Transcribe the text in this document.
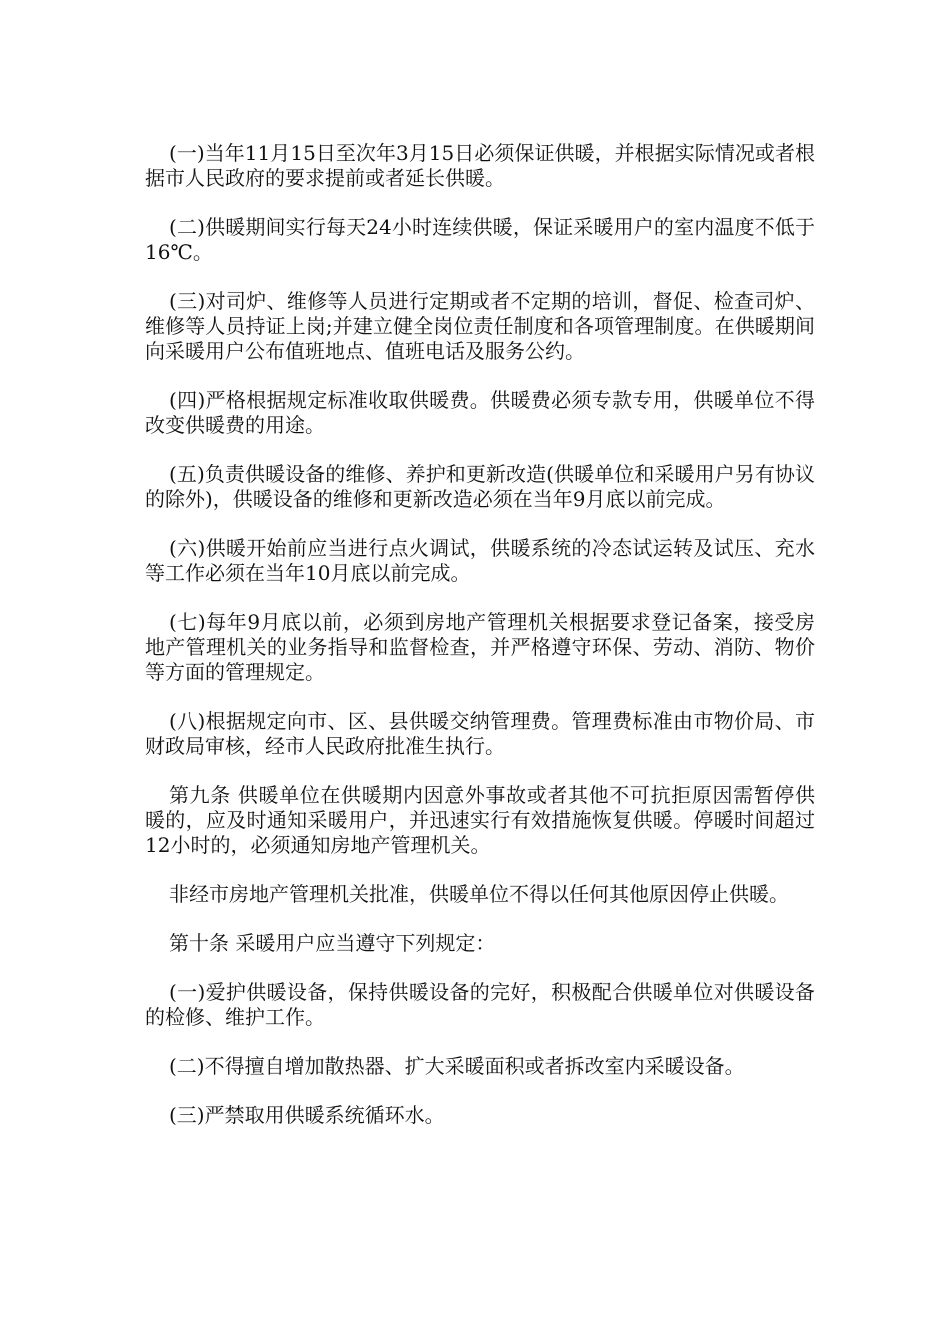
(一)当年11月15日至次年3月15日必须保证供暖，并根据实际情况或者根据市人民政府的要求提前或者延长供暖。

(二)供暖期间实行每天24小时连续供暖，保证采暖用户的室内温度不低于16℃。

(三)对司炉、维修等人员进行定期或者不定期的培训，督促、检查司炉、维修等人员持证上岗;并建立健全岗位责任制度和各项管理制度。在供暖期间向采暖用户公布值班地点、值班电话及服务公约。

(四)严格根据规定标准收取供暖费。供暖费必须专款专用，供暖单位不得改变供暖费的用途。

(五)负责供暖设备的维修、养护和更新改造(供暖单位和采暖用户另有协议的除外)，供暖设备的维修和更新改造必须在当年9月底以前完成。

(六)供暖开始前应当进行点火调试，供暖系统的冷态试运转及试压、充水等工作必须在当年10月底以前完成。

(七)每年9月底以前，必须到房地产管理机关根据要求登记备案，接受房地产管理机关的业务指导和监督检查，并严格遵守环保、劳动、消防、物价等方面的管理规定。

(八)根据规定向市、区、县供暖交纳管理费。管理费标准由市物价局、市财政局审核，经市人民政府批准生执行。

第九条 供暖单位在供暖期内因意外事故或者其他不可抗拒原因需暂停供暖的，应及时通知采暖用户，并迅速实行有效措施恢复供暖。停暖时间超过12小时的，必须通知房地产管理机关。

非经市房地产管理机关批准，供暖单位不得以任何其他原因停止供暖。

第十条 采暖用户应当遵守下列规定：

(一)爱护供暖设备，保持供暖设备的完好，积极配合供暖单位对供暖设备的检修、维护工作。

(二)不得擅自增加散热器、扩大采暖面积或者拆改室内采暖设备。

(三)严禁取用供暖系统循环水。
